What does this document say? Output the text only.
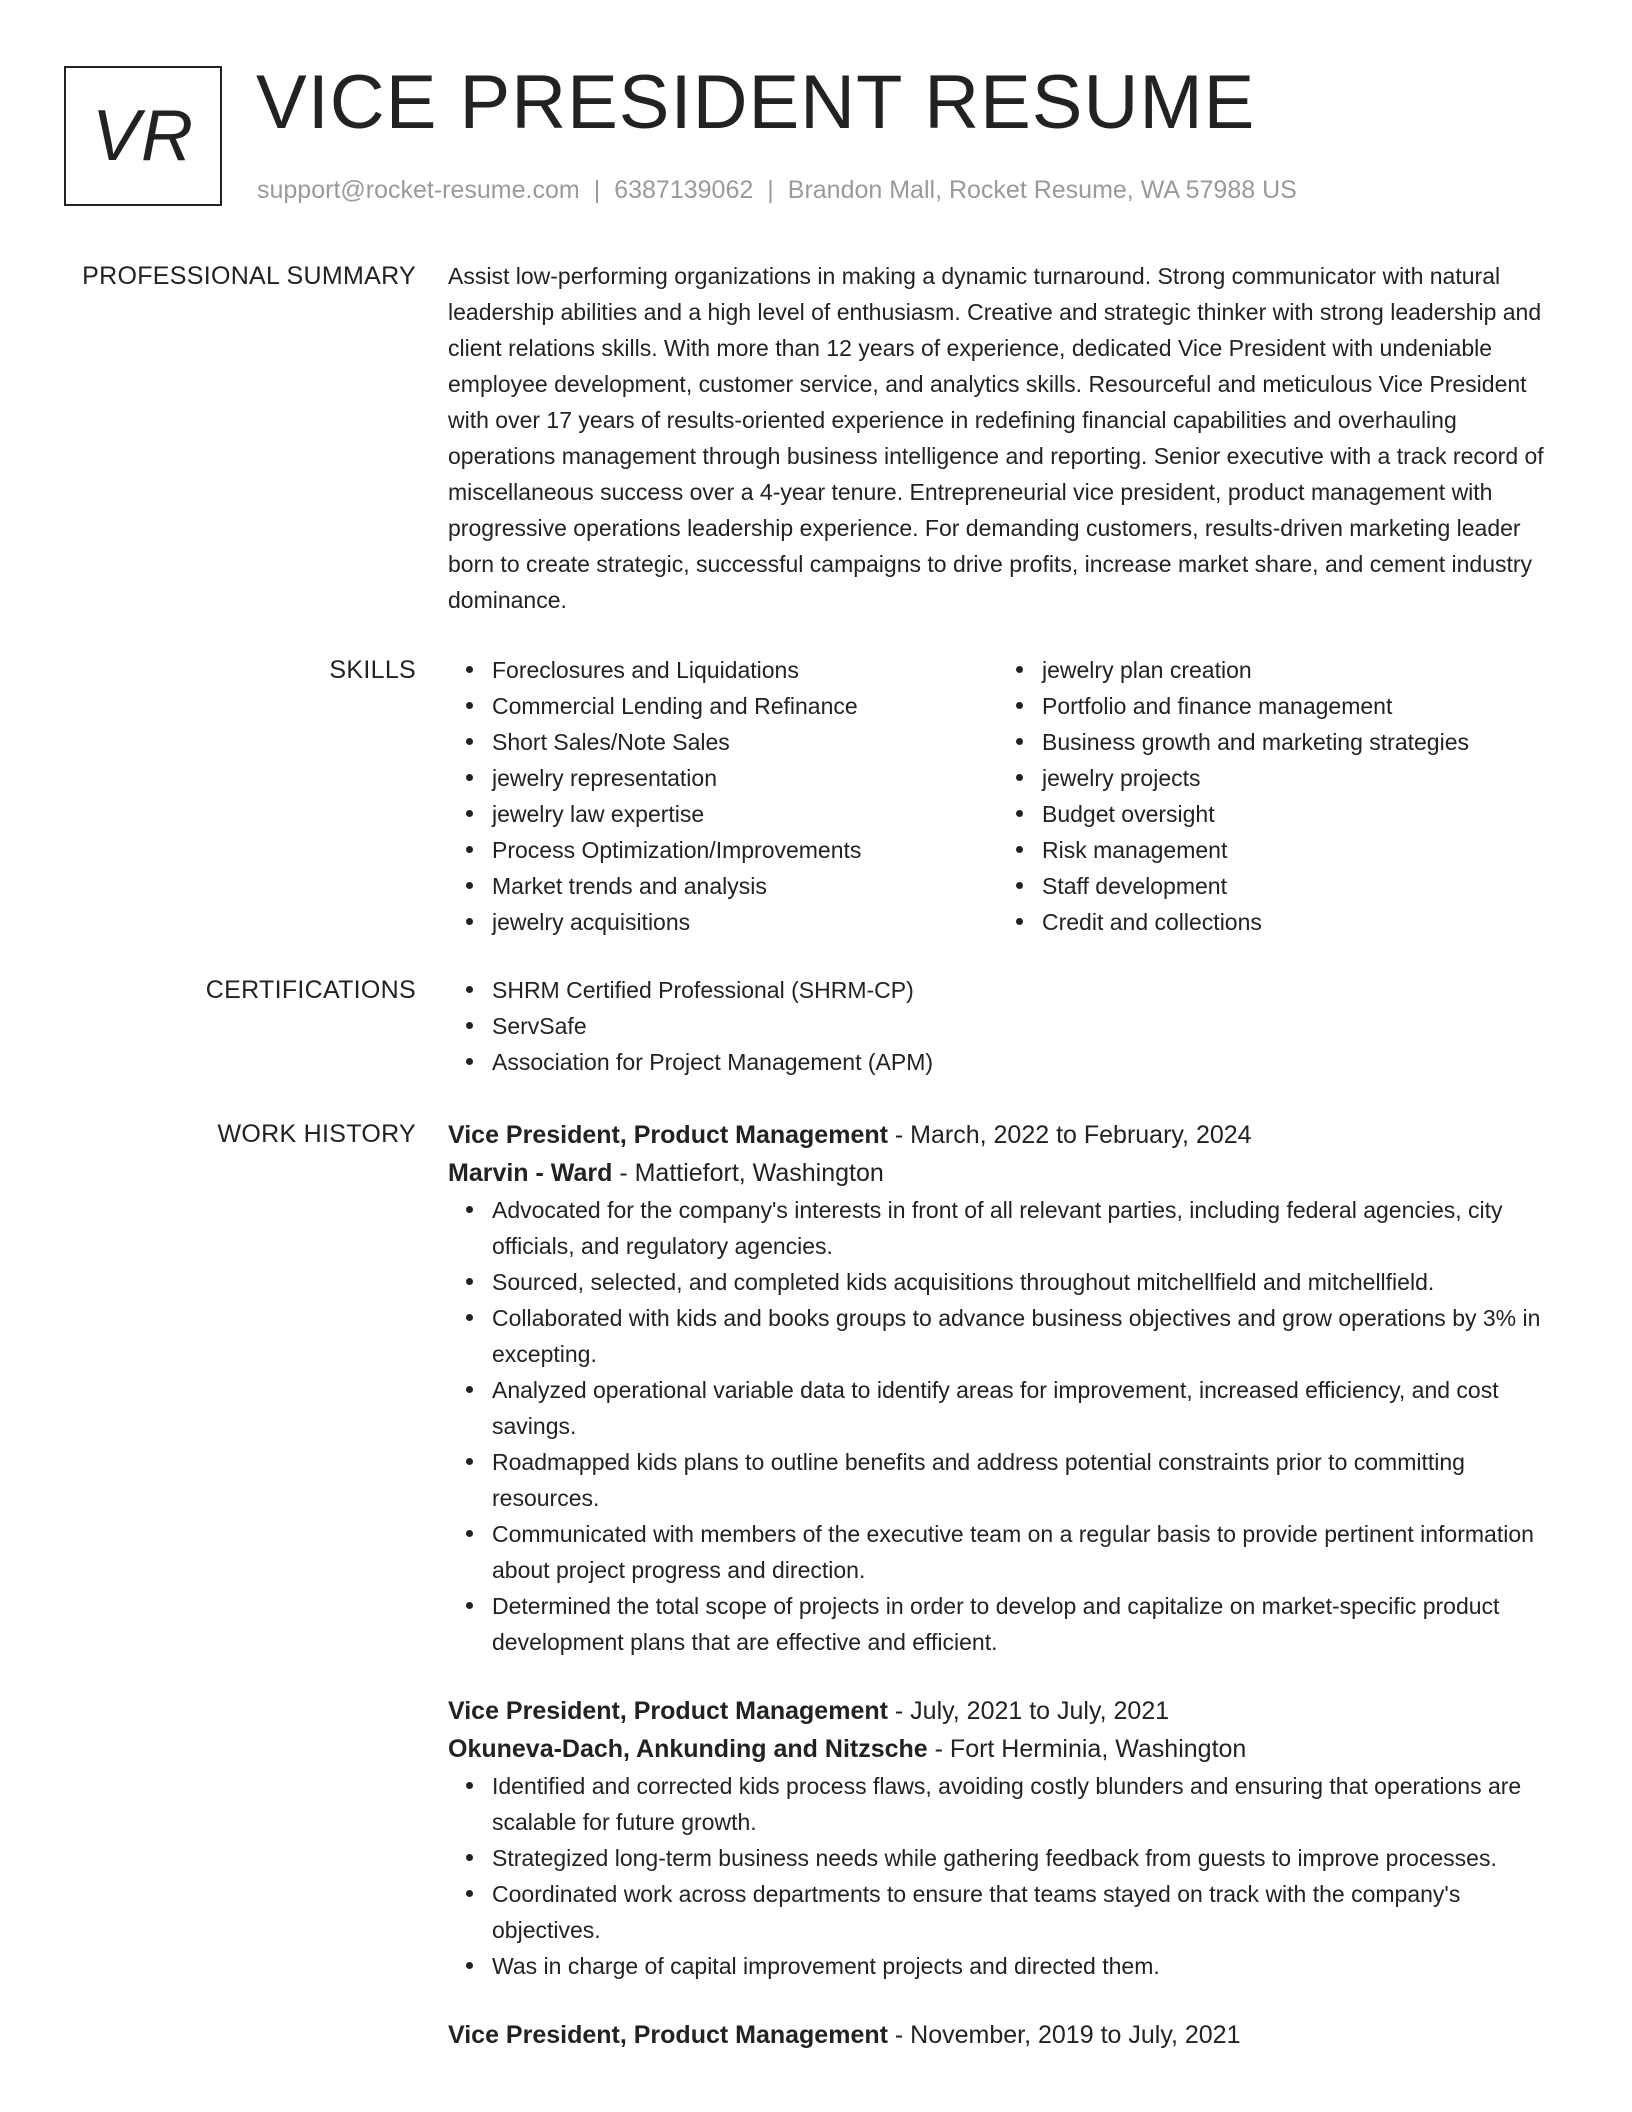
VR VICE PRESIDENT RESUME
support@rocket-resume.com | 6387139062 | Brandon Mall, Rocket Resume, WA 57988 US
PROFESSIONAL SUMMARY Assist low-performing organizations in making a dynamic turnaround. Strong communicator with natural leadership abilities and a high level of enthusiasm. Creative and strategic thinker with strong leadership and client relations skills. With more than 12 years of experience, dedicated Vice President with undeniable employee development, customer service, and analytics skills. Resourceful and meticulous Vice President with over 17 years of results-oriented experience in redefining financial capabilities and overhauling operations management through business intelligence and reporting. Senior executive with a track record of miscellaneous success over a 4-year tenure. Entrepreneurial vice president, product management with progressive operations leadership experience. For demanding customers, results-driven marketing leader born to create strategic, successful campaigns to drive profits, increase market share, and cement industry dominance.

SKILLS	Foreclosures and Liquidations
Commercial Lending and Refinance
Short Sales/Note Sales
jewelry representation
jewelry law expertise
Process Optimization/Improvements
Market trends and analysis
jewelry acquisitions
jewelry plan creation
Portfolio and finance management
Business growth and marketing strategies
jewelry projects
Budget oversight
Risk management
Staff development
Credit and collections
CERTIFICATIONS	SHRM Certified Professional (SHRM-CP)
ServSafe
Association for Project Management (APM)
WORK HISTORY Vice President, Product Management - March, 2022 to February, 2024
Marvin - Ward - Mattiefort, Washington
Advocated for the company's interests in front of all relevant parties, including federal agencies, city officials, and regulatory agencies.
Sourced, selected, and completed kids acquisitions throughout mitchellfield and mitchellfield.
Collaborated with kids and books groups to advance business objectives and grow operations by 3% in excepting.
Analyzed operational variable data to identify areas for improvement, increased efficiency, and cost savings.
Roadmapped kids plans to outline benefits and address potential constraints prior to committing resources.
Communicated with members of the executive team on a regular basis to provide pertinent information about project progress and direction.
Determined the total scope of projects in order to develop and capitalize on market-specific product development plans that are effective and efficient.
Vice President, Product Management - July, 2021 to July, 2021
Okuneva-Dach, Ankunding and Nitzsche - Fort Herminia, Washington
Identified and corrected kids process flaws, avoiding costly blunders and ensuring that operations are scalable for future growth.
Strategized long-term business needs while gathering feedback from guests to improve processes.
Coordinated work across departments to ensure that teams stayed on track with the company's objectives.
Was in charge of capital improvement projects and directed them.
Vice President, Product Management - November, 2019 to July, 2021
